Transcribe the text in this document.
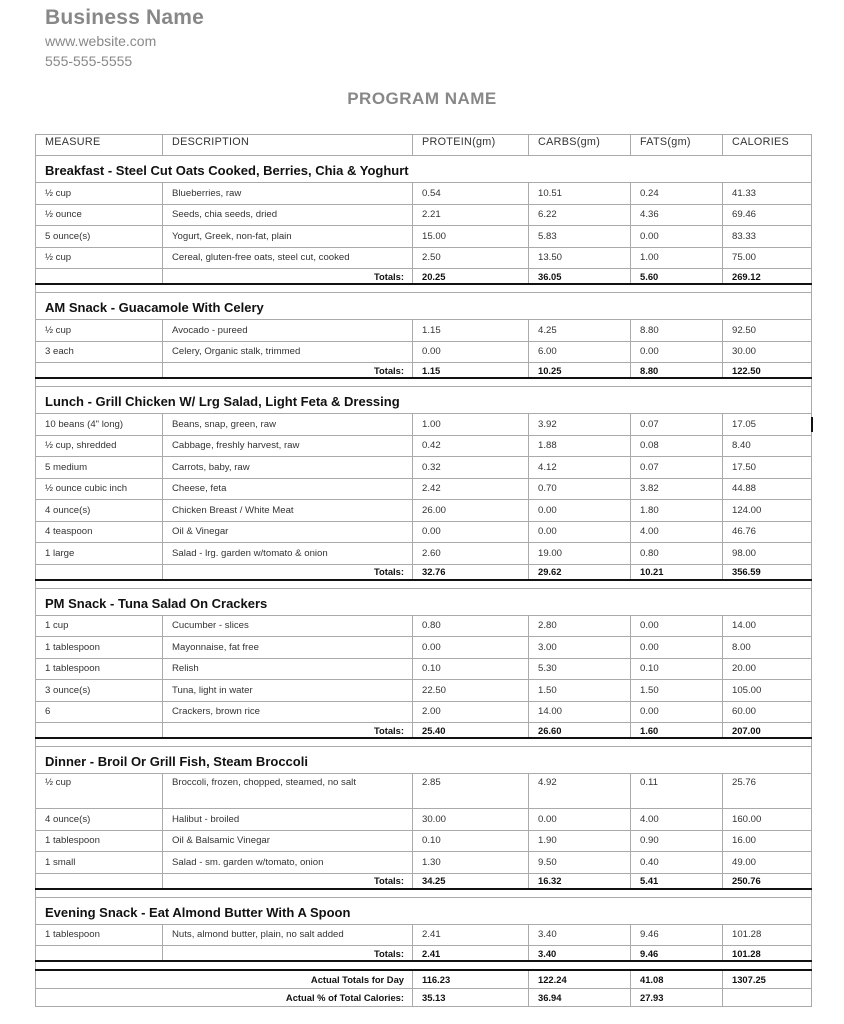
Business Name
www.website.com
555-555-5555
PROGRAM NAME
MEASURE	DESCRIPTION	PROTEIN(gm)	CARBS(gm)	FATS(gm)	CALORIES
Breakfast - Steel Cut Oats Cooked, Berries, Chia & Yoghurt					
½ cup	Blueberries, raw	0.54	10.51	0.24	41.33
½ ounce	Seeds, chia seeds, dried	2.21	6.22	4.36	69.46
5 ounce(s)	Yogurt, Greek, non-fat, plain	15.00	5.83	0.00	83.33
½ cup	Cereal, gluten-free oats, steel cut, cooked	2.50	13.50	1.00	75.00
	Totals:	20.25	36.05	5.60	269.12

AM Snack - Guacamole With Celery					
½ cup	Avocado - pureed	1.15	4.25	8.80	92.50
3 each	Celery, Organic stalk, trimmed	0.00	6.00	0.00	30.00
	Totals:	1.15	10.25	8.80	122.50

Lunch - Grill Chicken W/ Lrg Salad, Light Feta & Dressing					
10 beans (4" long)	Beans, snap, green, raw	1.00	3.92	0.07	17.05
½ cup, shredded	Cabbage, freshly harvest, raw	0.42	1.88	0.08	8.40
5 medium	Carrots, baby, raw	0.32	4.12	0.07	17.50
½ ounce cubic inch	Cheese, feta	2.42	0.70	3.82	44.88
4 ounce(s)	Chicken Breast / White Meat	26.00	0.00	1.80	124.00
4 teaspoon	Oil & Vinegar	0.00	0.00	4.00	46.76
1 large	Salad - lrg. garden w/tomato & onion	2.60	19.00	0.80	98.00
	Totals:	32.76	29.62	10.21	356.59

PM Snack - Tuna Salad On Crackers					
1 cup	Cucumber - slices	0.80	2.80	0.00	14.00
1 tablespoon	Mayonnaise, fat free	0.00	3.00	0.00	8.00
1 tablespoon	Relish	0.10	5.30	0.10	20.00
3 ounce(s)	Tuna, light in water	22.50	1.50	1.50	105.00
6	Crackers, brown rice	2.00	14.00	0.00	60.00
	Totals:	25.40	26.60	1.60	207.00

Dinner - Broil Or Grill Fish, Steam Broccoli					
½ cup	Broccoli, frozen, chopped, steamed, no salt	2.85	4.92	0.11	25.76
4 ounce(s)	Halibut - broiled	30.00	0.00	4.00	160.00
1 tablespoon	Oil & Balsamic Vinegar	0.10	1.90	0.90	16.00
1 small	Salad - sm. garden w/tomato, onion	1.30	9.50	0.40	49.00
	Totals:	34.25	16.32	5.41	250.76

Evening Snack - Eat Almond Butter With A Spoon					
1 tablespoon	Nuts, almond butter, plain, no salt added	2.41	3.40	9.46	101.28
	Totals:	2.41	3.40	9.46	101.28

Actual Totals for Day		116.23	122.24	41.08	1307.25
Actual % of Total Calories:		35.13	36.94	27.93	
